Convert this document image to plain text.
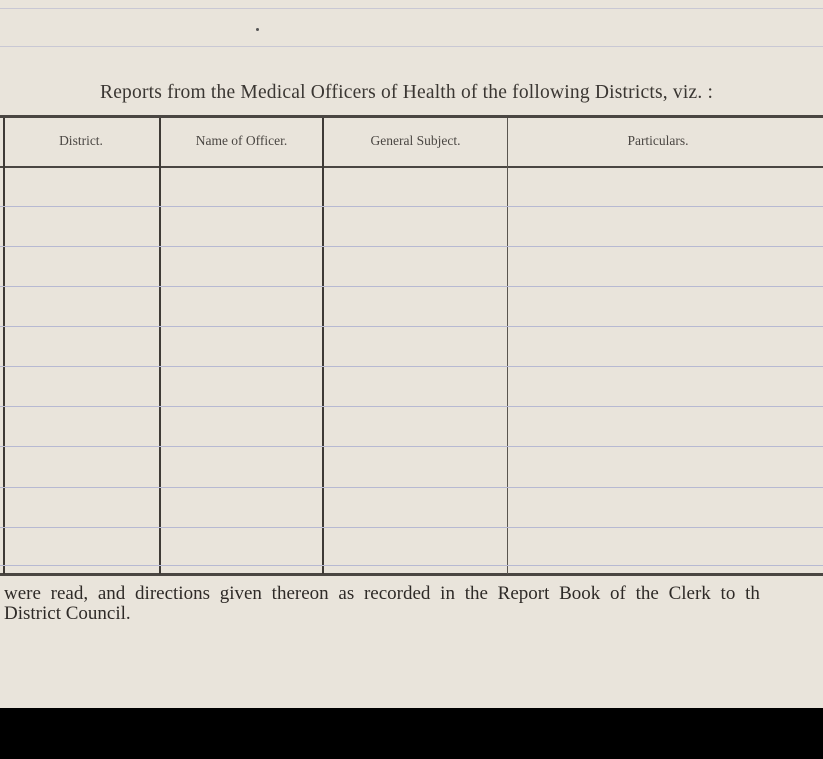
Reports from the Medical Officers of Health of the following Districts, viz. :
District.	Name of Officer.	General Subject.	Particulars.
were read, and directions given thereon as recorded in the Report Book of the Clerk to th
District Council.
